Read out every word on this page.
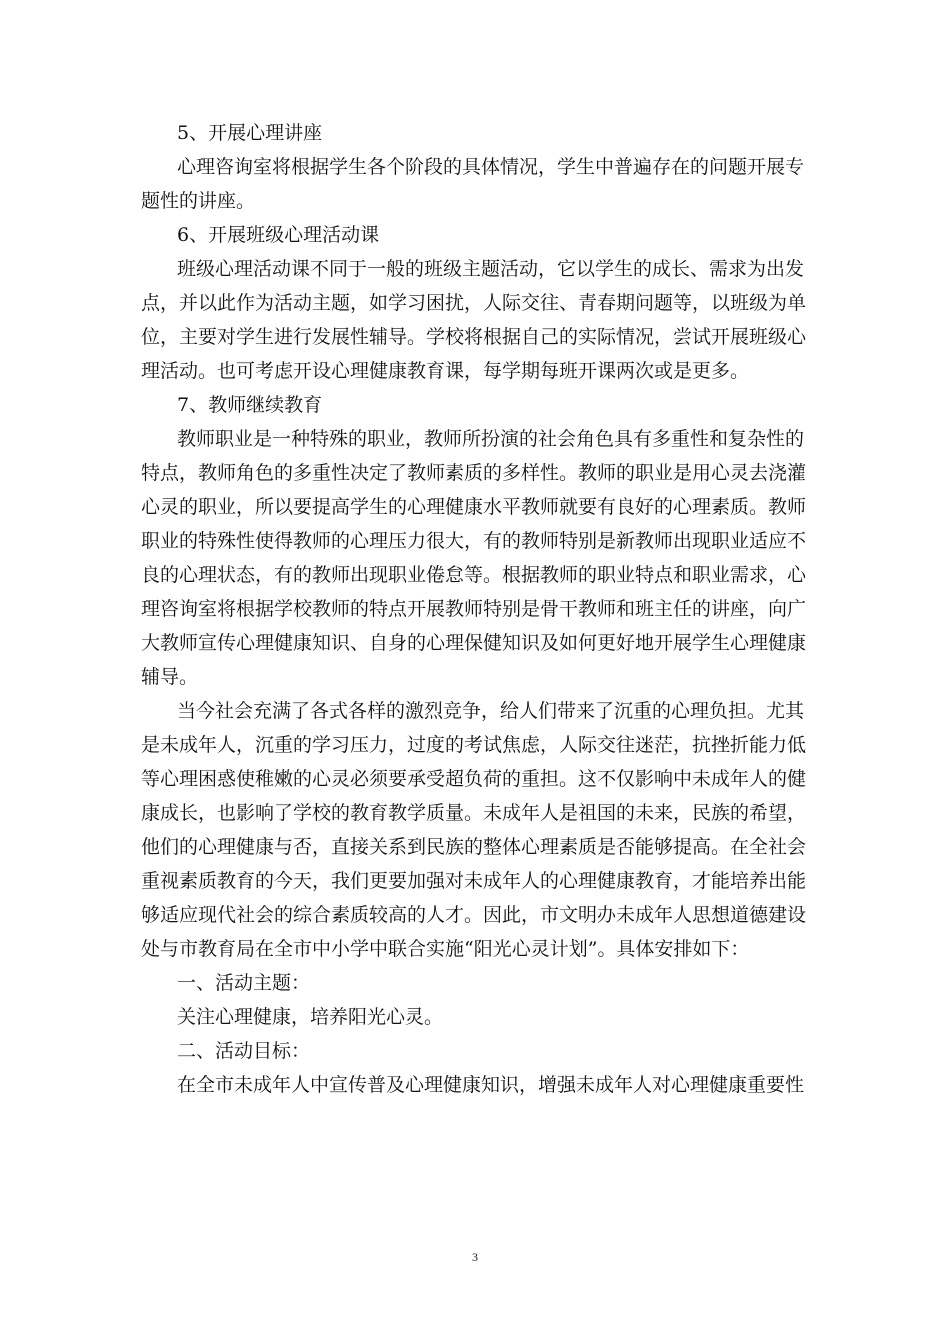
5、开展心理讲座
心理咨询室将根据学生各个阶段的具体情况，学生中普遍存在的问题开展专
题性的讲座。
6、开展班级心理活动课
班级心理活动课不同于一般的班级主题活动，它以学生的成长、需求为出发
点，并以此作为活动主题，如学习困扰，人际交往、青春期问题等，以班级为单
位，主要对学生进行发展性辅导。学校将根据自己的实际情况，尝试开展班级心
理活动。也可考虑开设心理健康教育课，每学期每班开课两次或是更多。
7、教师继续教育
教师职业是一种特殊的职业，教师所扮演的社会角色具有多重性和复杂性的
特点，教师角色的多重性决定了教师素质的多样性。教师的职业是用心灵去浇灌
心灵的职业，所以要提高学生的心理健康水平教师就要有良好的心理素质。教师
职业的特殊性使得教师的心理压力很大，有的教师特别是新教师出现职业适应不
良的心理状态，有的教师出现职业倦怠等。根据教师的职业特点和职业需求，心
理咨询室将根据学校教师的特点开展教师特别是骨干教师和班主任的讲座，向广
大教师宣传心理健康知识、自身的心理保健知识及如何更好地开展学生心理健康
辅导。
当今社会充满了各式各样的激烈竞争，给人们带来了沉重的心理负担。尤其
是未成年人，沉重的学习压力，过度的考试焦虑，人际交往迷茫，抗挫折能力低
等心理困惑使稚嫩的心灵必须要承受超负荷的重担。这不仅影响中未成年人的健
康成长，也影响了学校的教育教学质量。未成年人是祖国的未来，民族的希望，
他们的心理健康与否，直接关系到民族的整体心理素质是否能够提高。在全社会
重视素质教育的今天，我们更要加强对未成年人的心理健康教育，才能培养出能
够适应现代社会的综合素质较高的人才。因此，市文明办未成年人思想道德建设
处与市教育局在全市中小学中联合实施“阳光心灵计划”。具体安排如下：
一、活动主题：
关注心理健康，培养阳光心灵。
二、活动目标：
在全市未成年人中宣传普及心理健康知识，增强未成年人对心理健康重要性
3
